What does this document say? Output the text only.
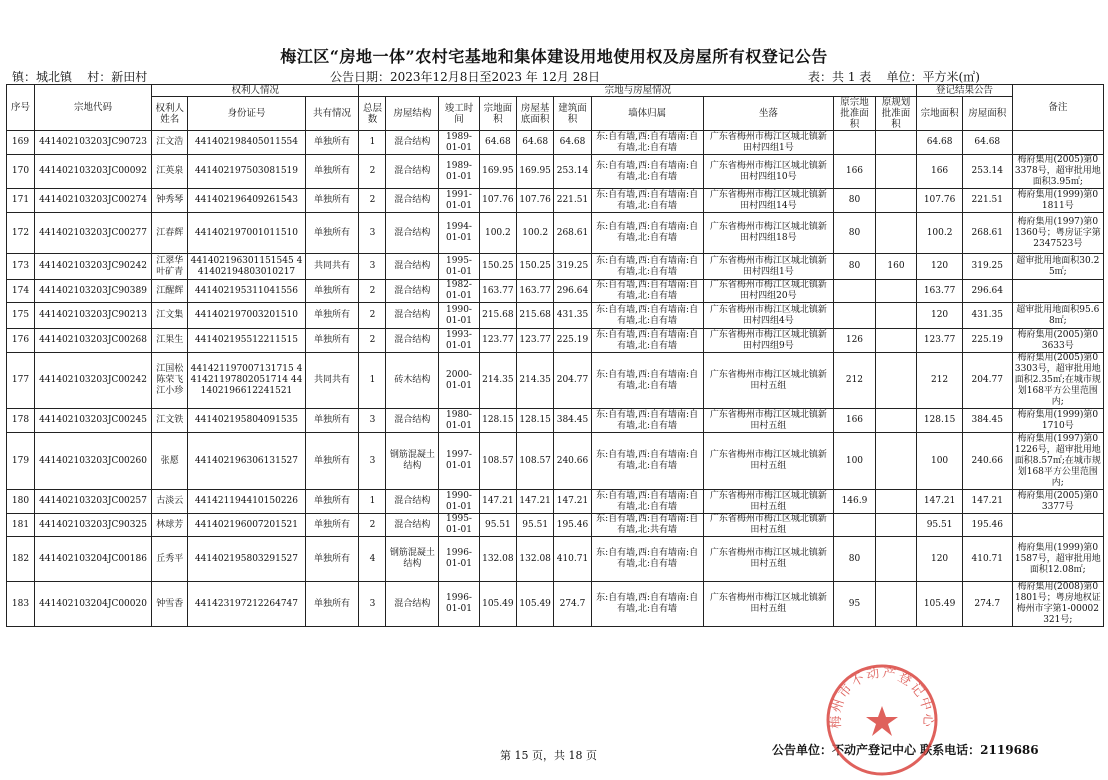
梅江区“房地一体”农村宅基地和集体建设用地使用权及房屋所有权登记公告
镇：城北镇 村：新田村	公告日期：2023年12月8日至2023 年 12月 28日	表：共 1 表 单位：平方米(㎡)
序号	宗地代码	权利人情况			宗地与房屋情况										登记结果公告		备注
		权利人姓名	身份证号	共有情况	总层数	房屋结构	竣工时间	宗地面积	房屋基底面积	建筑面积	墙体归属	坐落	原宗地批准面积	原规划批准面积	宗地面积	房屋面积	
169	441402103203JC90723	江文浩	441402198405011554	单独所有	1	混合结构	1989-01-01	64.68	64.68	64.68	东:自有墙,西:自有墙南:自有墙,北:自有墙	广东省梅州市梅江区城北镇新田村四组1号			64.68	64.68	
170	441402103203JC00092	江英泉	441402197503081519	单独所有	2	混合结构	1989-01-01	169.95	169.95	253.14	东:自有墙,西:自有墙南:自有墙,北:自有墙	广东省梅州市梅江区城北镇新田村四组10号	166		166	253.14	梅府集用(2005)第03378号，超审批用地面积3.95㎡;
171	441402103203JC00274	钟秀琴	441402196409261543	单独所有	2	混合结构	1991-01-01	107.76	107.76	221.51	东:自有墙,西:自有墙南:自有墙,北:自有墙	广东省梅州市梅江区城北镇新田村四组14号	80		107.76	221.51	梅府集用(1999)第01811号
172	441402103203JC00277	江春辉	441402197001011510	单独所有	3	混合结构	1994-01-01	100.2	100.2	268.61	东:自有墙,西:自有墙南:自有墙,北:自有墙	广东省梅州市梅江区城北镇新田村四组18号	80		100.2	268.61	梅府集用(1997)第01360号；粤房证字第2347523号
173	441402103203JC90242	江翠华 叶矿青	441402196301151545 441402194803010217	共同共有	3	混合结构	1995-01-01	150.25	150.25	319.25	东:自有墙,西:自有墙南:自有墙,北:自有墙	广东省梅州市梅江区城北镇新田村四组1号	80	160	120	319.25	超审批用地面积30.25㎡;
174	441402103203JC90389	江醒辉	441402195311041556	单独所有	2	混合结构	1982-01-01	163.77	163.77	296.64	东:自有墙,西:自有墙南:自有墙,北:自有墙	广东省梅州市梅江区城北镇新田村四组20号			163.77	296.64	
175	441402103203JC90213	江文集	441402197003201510	单独所有	2	混合结构	1990-01-01	215.68	215.68	431.35	东:自有墙,西:自有墙南:自有墙,北:自有墙	广东省梅州市梅江区城北镇新田村四组4号			120	431.35	超审批用地面积95.68㎡;
176	441402103203JC00268	江果生	441402195512211515	单独所有	2	混合结构	1993-01-01	123.77	123.77	225.19	东:自有墙,西:自有墙南:自有墙,北:自有墙	广东省梅州市梅江区城北镇新田村四组9号	126		123.77	225.19	梅府集用(2005)第03633号
177	441402103203JC00242	江国松 陈荣飞 江小珍	441421197007131715 441421197802051714 441402196612241521	共同共有	1	砖木结构	2000-01-01	214.35	214.35	204.77	东:自有墙,西:自有墙南:自有墙,北:自有墙	广东省梅州市梅江区城北镇新田村五组	212		212	204.77	梅府集用(2005)第03303号，超审批用地面积2.35㎡;在城市规划168平方公里范围内;
178	441402103203JC00245	江文铁	441402195804091535	单独所有	3	混合结构	1980-01-01	128.15	128.15	384.45	东:自有墙,西:自有墙南:自有墙,北:自有墙	广东省梅州市梅江区城北镇新田村五组	166		128.15	384.45	梅府集用(1999)第01710号
179	441402103203JC00260	张愿	441402196306131527	单独所有	3	钢筋混凝土结构	1997-01-01	108.57	108.57	240.66	东:自有墙,西:自有墙南:自有墙,北:自有墙	广东省梅州市梅江区城北镇新田村五组	100		100	240.66	梅府集用(1997)第01226号，超审批用地面积8.57㎡;在城市规划168平方公里范围内;
180	441402103203JC00257	古淡云	441421194410150226	单独所有	1	混合结构	1990-01-01	147.21	147.21	147.21	东:自有墙,西:自有墙南:自有墙,北:自有墙	广东省梅州市梅江区城北镇新田村五组	146.9		147.21	147.21	梅府集用(2005)第03377号
181	441402103203JC90325	林球芳	441402196007201521	单独所有	2	混合结构	1995-01-01	95.51	95.51	195.46	东:自有墙,西:自有墙南:自有墙,北:共有墙	广东省梅州市梅江区城北镇新田村五组			95.51	195.46	
182	441402103204JC00186	丘秀平	441402195803291527	单独所有	4	钢筋混凝土结构	1996-01-01	132.08	132.08	410.71	东:自有墙,西:自有墙南:自有墙,北:自有墙	广东省梅州市梅江区城北镇新田村五组	80		120	410.71	梅府集用(1999)第01587号，超审批用地面积12.08㎡;
183	441402103204JC00020	钟雪香	441423197212264747	单独所有	3	混合结构	1996-01-01	105.49	105.49	274.7	东:自有墙,西:自有墙南:自有墙,北:自有墙	广东省梅州市梅江区城北镇新田村五组	95		105.49	274.7	梅府集用(2008)第01801号；粤房地权证梅州市字第1-00002321号;
第 15 页，共 18 页	公告单位：不动产登记中心 联系电话：2119686
梅州市不动产登记中心
